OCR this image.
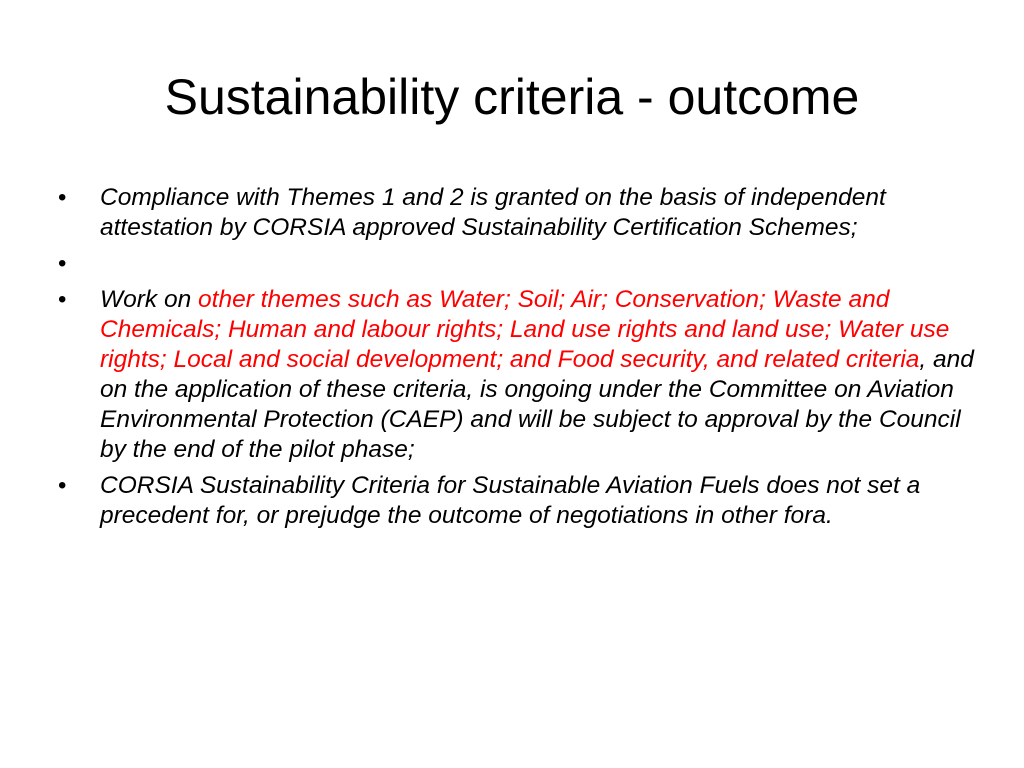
Sustainability criteria - outcome
• Compliance with Themes 1 and 2 is granted on the basis of independent attestation by CORSIA approved Sustainability Certification Schemes;
•
• Work on other themes such as Water; Soil; Air; Conservation; Waste and Chemicals; Human and labour rights; Land use rights and land use; Water use rights; Local and social development; and Food security, and related criteria, and on the application of these criteria, is ongoing under the Committee on Aviation Environmental Protection (CAEP) and will be subject to approval by the Council by the end of the pilot phase;
• CORSIA Sustainability Criteria for Sustainable Aviation Fuels does not set a precedent for, or prejudge the outcome of negotiations in other fora.
